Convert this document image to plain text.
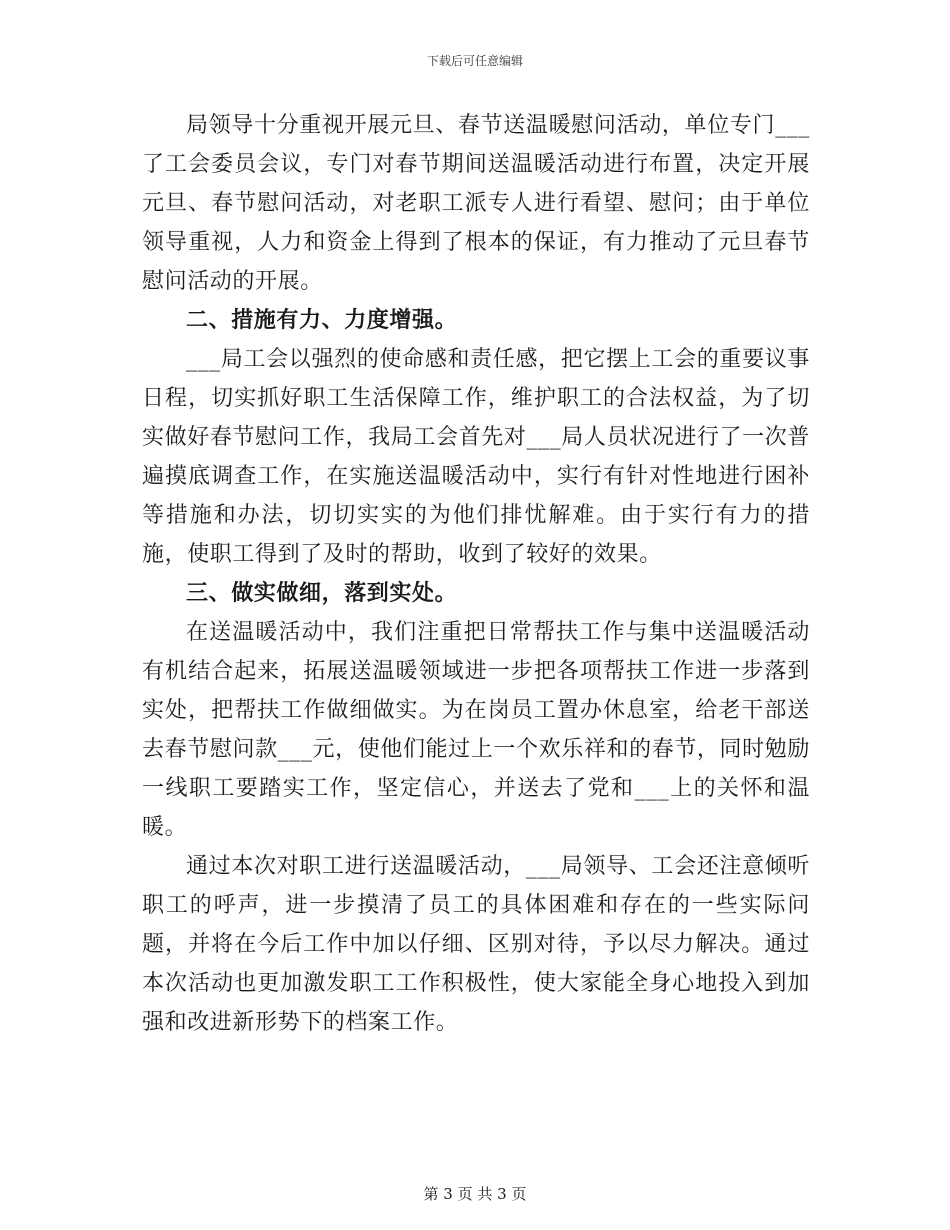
下载后可任意编辑

局领导十分重视开展元旦、春节送温暖慰问活动，单位专门___了工会委员会议，专门对春节期间送温暖活动进行布置，决定开展元旦、春节慰问活动，对老职工派专人进行看望、慰问；由于单位领导重视，人力和资金上得到了根本的保证，有力推动了元旦春节慰问活动的开展。

二、措施有力、力度增强。

___局工会以强烈的使命感和责任感，把它摆上工会的重要议事日程，切实抓好职工生活保障工作，维护职工的合法权益，为了切实做好春节慰问工作，我局工会首先对___局人员状况进行了一次普遍摸底调查工作，在实施送温暖活动中，实行有针对性地进行困补等措施和办法，切切实实的为他们排忧解难。由于实行有力的措施，使职工得到了及时的帮助，收到了较好的效果。

三、做实做细，落到实处。

在送温暖活动中，我们注重把日常帮扶工作与集中送温暖活动有机结合起来，拓展送温暖领域进一步把各项帮扶工作进一步落到实处，把帮扶工作做细做实。为在岗员工置办休息室，给老干部送去春节慰问款___元，使他们能过上一个欢乐祥和的春节，同时勉励一线职工要踏实工作，坚定信心，并送去了党和___上的关怀和温暖。

通过本次对职工进行送温暖活动，___局领导、工会还注意倾听职工的呼声，进一步摸清了员工的具体困难和存在的一些实际问题，并将在今后工作中加以仔细、区别对待，予以尽力解决。通过本次活动也更加激发职工工作积极性，使大家能全身心地投入到加强和改进新形势下的档案工作。

第 3 页 共 3 页
